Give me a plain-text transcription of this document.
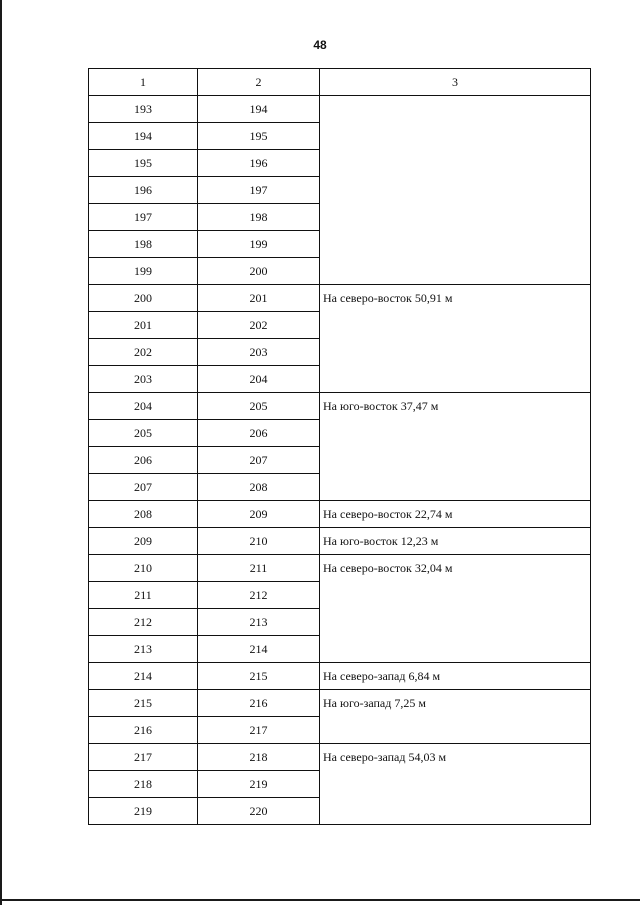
48
1	2	3
193	194	
194	195	
195	196	
196	197	
197	198	
198	199	
199	200	
200	201	На северо-восток 50,91 м
201	202	
202	203	
203	204	
204	205	На юго-восток 37,47 м
205	206	
206	207	
207	208	
208	209	На северо-восток 22,74 м
209	210	На юго-восток 12,23 м
210	211	На северо-восток 32,04 м
211	212	
212	213	
213	214	
214	215	На северо-запад 6,84 м
215	216	На юго-запад 7,25 м
216	217	
217	218	На северо-запад 54,03 м
218	219	
219	220	
